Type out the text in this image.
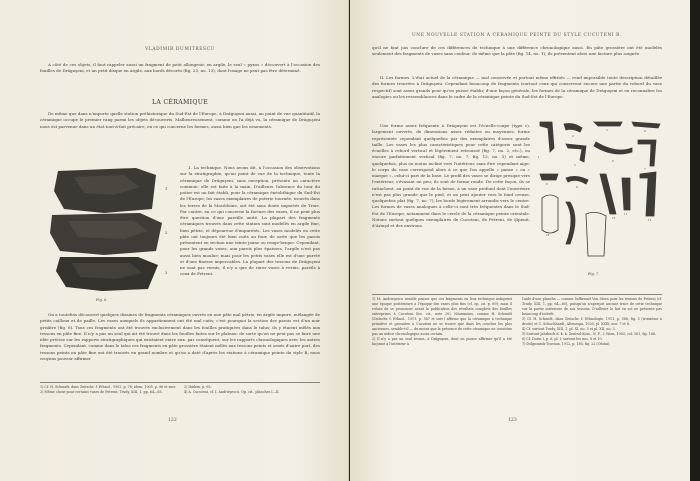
VLADIMIR DUMITRESCU

A côté de ces objets, il faut rappeler aussi un fragment de petit allongeoir, en argile, le seul « pyxos » découvert à l'occasion des fouilles de Drăguşeni, et un petit disque en argile, aux bords décorés (fig. 23, no. 13), dont l'usage ne peut pas être déterminé.

LA CÉRAMIQUE

De même que dans n'importe quelle station préhistorique du Sud-Est de l'Europe, à Drăguşeni aussi, au point de vue quantitatif, la céramique occupe le premier rang parmi les objets découverts. Malheureusement, comme on l'a déjà vu, la céramique de Drăguşeni nous est parvenue dans un état tout-à-fait précaire, en ce qui concerne les formes, aussi bien que les ornements.

1
2
3
Fig. 6.

1. La technique. Nous avons dit, à l'occasion des observations sur la stratigraphie, qu'au point de vue de la technique, toute la céramique de Drăguşeni, sans exception, présente un caractère commun: elle est faite à la main. D'ailleurs l'absence du tour du potier est un fait établi, pour la céramique énéolithique du Sud-Est de l'Europe; les vases exemplaires de poterie tournée, trouvés dans les terres de la Macédoine, ont été sans doute importés de Troie. Par contre, en ce qui concerne la facture des vases, il ne peut plus être question d'une pareille unité. La plupart des fragments céramiques trouvés dans cette station sont modelés en argile fine, bien pétrie, et dépourvue d'impuretés. Les vases modelés en cette pâte ont toujours été bien cuits au four, de sorte que les parois présentent en section une teinte jaune ou rouge-brique. Cependant, pour les grands vases, aux parois plus épaisses, l'argile n'est pas aussi bien moulue; mais pour les petits vases elle est d'une pureté et d'une finesse impeccables. La plupart des tessons de Drăguşeni ne sont pas vernis; il n'y a que de rares vases à vernis, pareils à ceux de Petreni.

On a toutefois découvert quelques dizaines de fragments céramiques ouvrés en une pâte mal pétrie, en argile impure, mélangée de petits cailloux et de paille. Les vases auxquels ils appartiennent ont été mal cuits; c'est pourquoi la section des parois est d'un noir grisâtre (fig. 6). Tous ces fragments ont été trouvés exclusivement dans les fouilles pratiquées dans le talus; ils y étaient mêlés aux tessons en pâte fine. Il n'y a pas un seul qui ait été trouvé dans les fouilles faites sur le plateau: de sorte qu'on ne peut pas se faire une idée précise sur les rapports stratigraphiques qui existaient entre eux, par conséquent, sur les rapports chronologiques avec les autres fragments. Cependant, comme dans le talus ces fragments en pâte grossière étaient mêlés aux tessons peints et ornés d'autre part, des tessons peints en pâte fine ont été trouvés en grand nombre et qu'on a daté d'après les stations à céramique peinte du style B, nous croyons pouvoir affirmer

1) Cf. H. Schmidt, dans Zeitschr. f. Ethnol., 1902, p. 78; idem, 1905, p. 96 et suiv.
2) Même chose pour certains vases de Petreni; Trudy, XIII, 1, pp. 64—65.
3) Ibidem, p. 65.
4) A. Cucuteni, cf. I. Andrieşescu, Op. cit., planches I—II.
122
UNE NOUVELLE STATION À CÉRAMIQUE PEINTE DU STYLE CUCUTENI B.

qu'il ne faut pas conclure de ces différences de technique à une différence chronologique aussi. En pâte grossière ont été modelés seulement des fragments de vases sans couleur, de même que la pâte (fig. 14, no. 1); ils présentent alors une facture plus soignée.

II. Les formes. L'état actuel de la céramique — mal conservée et partout même effritée — rend impossible toute description détaillée des formes trouvées à Drăguşeni. Cependant beaucoup de fragments (surtout ceux qui conservent encore une partie du rebord du vase respectif) sont assez grands pour qu'on puisse établir, d'une façon générale, les formes de la céramique de Drăguşeni et en reconnaître les analogies ou les ressemblances dans le cadre de la céramique peinte du Sud-Est de l'Europe.

Une forme assez fréquente à Drăguşeni est l'écuelle-coupe (type c), largement ouverte, de dimensions assez réduites ou moyennes, forme représentée cependant quelquefois par des exemplaires d'assez grande taille. Les vases les plus caractéristiques pour cette catégorie sont les écuelles à rebord vertical et légèrement retroussé (fig. 7, no. 2, etc.), ou encore parfaitement vertical (fig. 7, no. 7; fig. 12, no. 3) et même, quelquefois, plus ou moins incliné vers l'intérieur, sans être cependant aigu: le corps du vase correspond alors à ce que l'on appelle « panse » ou « marque », celui-ci part de la base. Le profil des vases se dirige presque vers l'extérieur, s'évasant un peu; ils sont de forme ronde. De cette façon, ils se rattachent, au point de vue de la forme, à un vase profond dont l'ouverture n'est pas plus grande que le pied, et on peut ajouter vers le fond creuse, quelquefois plat (fig. 7, no. 7), les bords légèrement arrondis vers le centre. Les formes de vases analogues à celle-ci sont très fréquentes dans le Sud-Est de l'Europe, notamment dans le cercle de la céramique peinte orientale. Notons surtout quelques exemplaires de Cucuteni, de Petreni, de Şipenit, d'Ariuşd et des environs.

1
2
3	4
5
6
7
8
9
10
11
12
13
Fig. 7.
1) M. Andrieşescu semble penser que ces fragments en leur technique indiquent une époque postérieure à l'époque des vases plus fins (cf. op. cit. p. 69); mais il refuse de se prononcer avant la publication des résultats complets des fouilles entreprises à Cucuteni (loc. cit., note 20). Néanmoins, comme H. Schmidt (Zeitschr. f. Ethnol., 1911, p. 587 et suiv.) affirme que la céramique à technique primitive et grossière à Cucuteni ne se trouve que dans les couches les plus anciennes, semble-t-il — du moins que la présence de cette céramique ne constitue pas un indice chronologique assez certain.
2) Il n'y a pas un seul tesson, à Drăguşeni, dont on puisse affirmer qu'il a été façonné à l'intérieur à
l'aide d'une planche — comme l'affirmait Von Stern pour les tessons de Petreni (cf. Trudy, XIII, 1, pp. 64—65), puisqu'on n'aperçoit aucune trace de cette technique sur la partie intérieure de nos tessons. D'ailleurs le fait en soi ne présente pas beaucoup d'intérêt.
3) Cf. H. Schmidt, dans Zeitschr. f. Ethnologie, 1911, p. 588, fig. 5 (troisième à droite) et C. Schuchhardt, Alteuropa, 1926, pl. XXIX, nos. 7 et 8.
4) Cf. surtout Trudy, XIII, 1, pl. XI, no. 3 et pl. XII, no. 3.
5) Surtout Jahrbuch d. k. k. Zentral-Kom., N. F., I, Wien, 1903, col. 161, fig. 168.
6) Cf. Dorin I, p. 6, pl. I; surtout les nos. 8 et 10.
7) Dolgozatok-Travaux, 1912, p. 185, fig. 22 (Ofotai).
123
